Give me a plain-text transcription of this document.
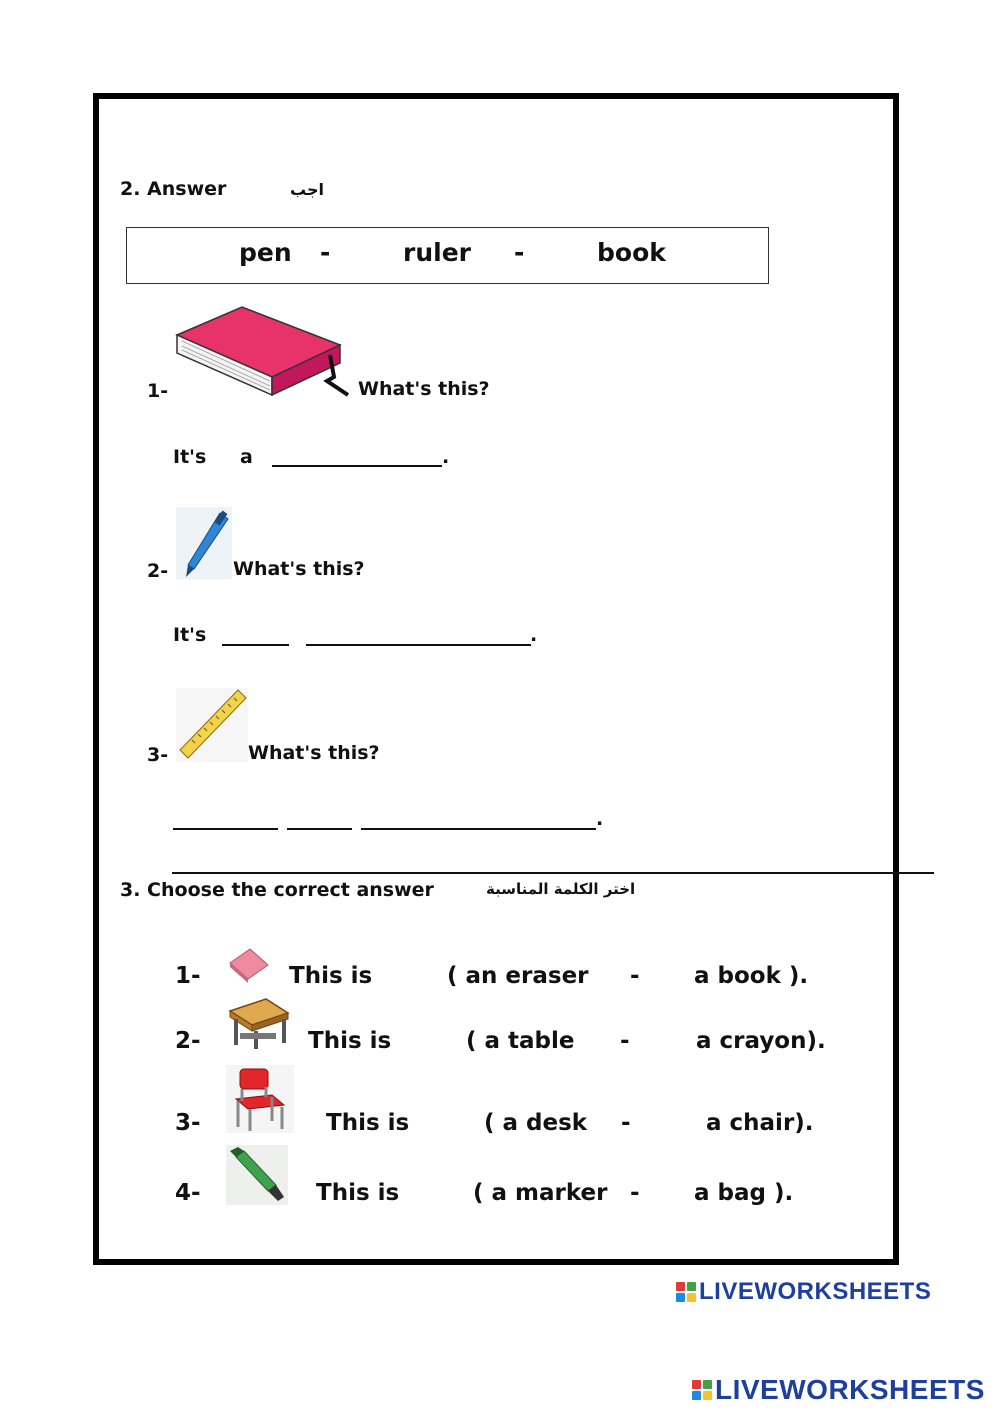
2. Answer	اجب
pen -	ruler -	book
1-	What's this?
It's a	.
2-	What's this?
It's	.
3-	What's this?
.
3. Choose the correct answer	اختر الكلمة المناسبة
1-	This is	( an eraser - a book ).
2-	This is	( a table -	a crayon).
3-	This is	( a desk -	a chair).
4-	This is	( a marker - a bag ).
LIVEWORKSHEETS
LIVEWORKSHEETS
